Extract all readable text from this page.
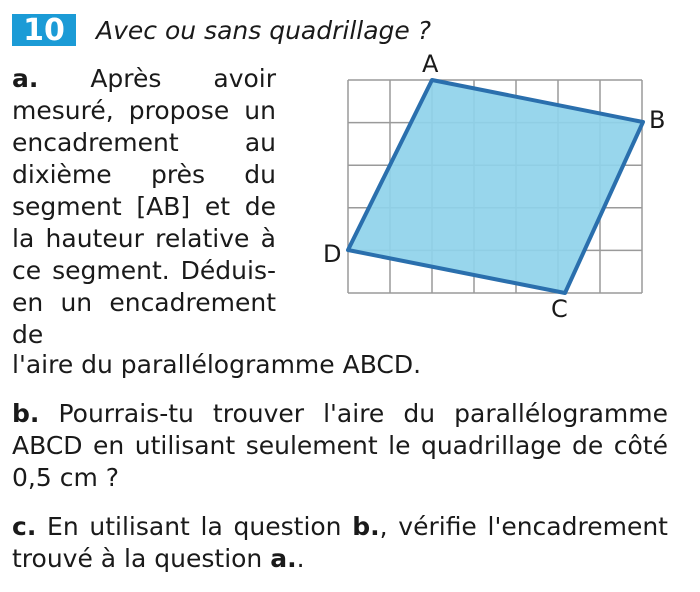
10	Avec ou sans quadrillage ?

a. Après avoir mesuré, propose un encadrement au dixième près du segment [AB] et de la hauteur relative à ce segment. Déduis-en un encadrement de

l'aire du parallélogramme ABCD.

b. Pourrais-tu trouver l'aire du parallélogramme ABCD en utilisant seulement le quadrillage de côté 0,5 cm ?

c. En utilisant la question b., vérifie l'encadrement trouvé à la question a..

A
B
C
D
